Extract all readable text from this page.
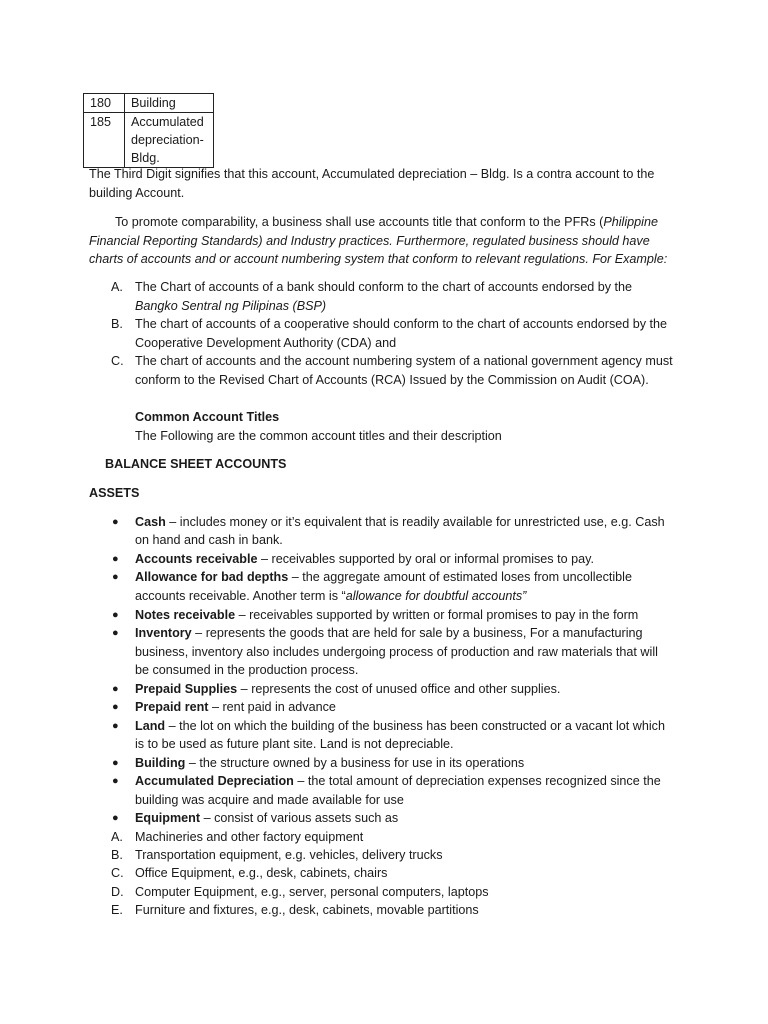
180	Building
185	Accumulated
depreciation-
Bldg.
The Third Digit signifies that this account, Accumulated depreciation – Bldg. Is a contra account to the
building Account.
To promote comparability, a business shall use accounts title that conform to the PFRs (Philippine
Financial Reporting Standards) and Industry practices. Furthermore, regulated business should have
charts of accounts and or account numbering system that conform to relevant regulations. For Example:
A. The Chart of accounts of a bank should conform to the chart of accounts endorsed by the
Bangko Sentral ng Pilipinas (BSP)
B. The chart of accounts of a cooperative should conform to the chart of accounts endorsed by the
Cooperative Development Authority (CDA) and
C. The chart of accounts and the account numbering system of a national government agency must
conform to the Revised Chart of Accounts (RCA) Issued by the Commission on Audit (COA).
Common Account Titles
The Following are the common account titles and their description
BALANCE SHEET ACCOUNTS
ASSETS
● Cash – includes money or it’s equivalent that is readily available for unrestricted use, e.g. Cash
on hand and cash in bank.
● Accounts receivable – receivables supported by oral or informal promises to pay.
● Allowance for bad depths – the aggregate amount of estimated loses from uncollectible
accounts receivable. Another term is “allowance for doubtful accounts”
● Notes receivable – receivables supported by written or formal promises to pay in the form
● Inventory – represents the goods that are held for sale by a business, For a manufacturing
business, inventory also includes undergoing process of production and raw materials that will
be consumed in the production process.
● Prepaid Supplies – represents the cost of unused office and other supplies.
● Prepaid rent – rent paid in advance
● Land – the lot on which the building of the business has been constructed or a vacant lot which
is to be used as future plant site. Land is not depreciable.
● Building – the structure owned by a business for use in its operations
● Accumulated Depreciation – the total amount of depreciation expenses recognized since the
building was acquire and made available for use
● Equipment – consist of various assets such as
A. Machineries and other factory equipment
B. Transportation equipment, e.g. vehicles, delivery trucks
C. Office Equipment, e.g., desk, cabinets, chairs
D. Computer Equipment, e.g., server, personal computers, laptops
E. Furniture and fixtures, e.g., desk, cabinets, movable partitions
